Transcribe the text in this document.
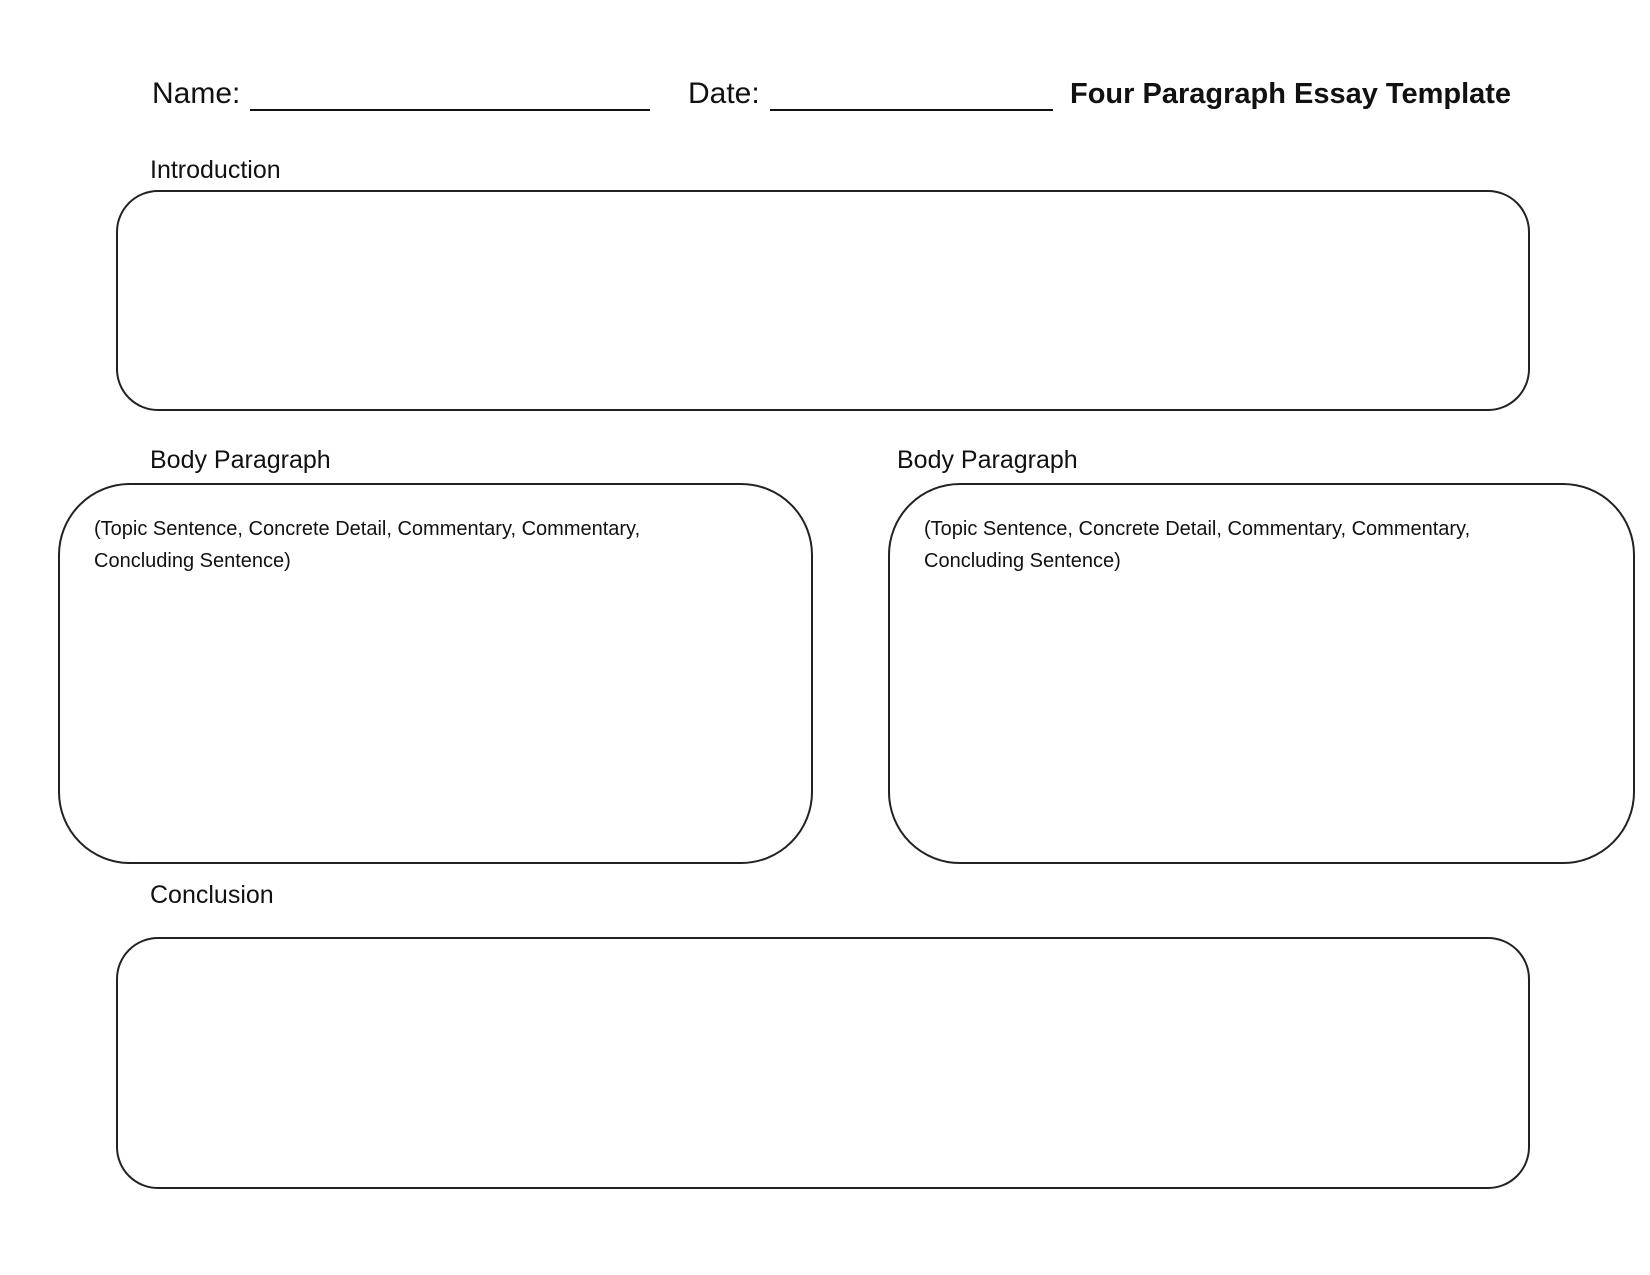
Name:	Date:	Four Paragraph Essay Template
Introduction
Body Paragraph
(Topic Sentence, Concrete Detail, Commentary, Commentary, Concluding Sentence)
Body Paragraph
(Topic Sentence, Concrete Detail, Commentary, Commentary, Concluding Sentence)
Conclusion
